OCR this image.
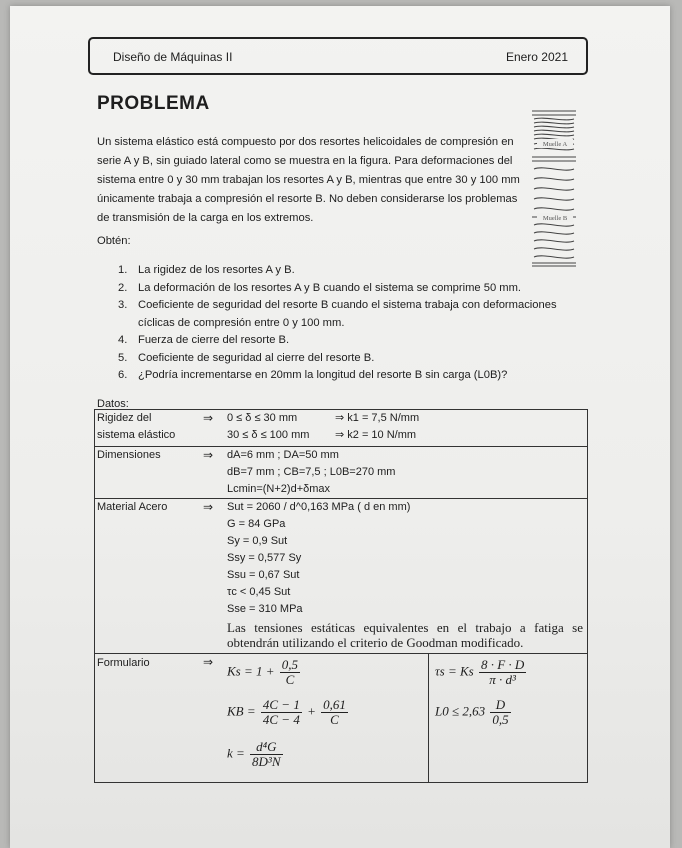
Diseño de Máquinas II	Enero 2021
PROBLEMA
Un sistema elástico está compuesto por dos resortes helicoidales de compresión en serie A y B, sin guiado lateral como se muestra en la figura. Para deformaciones del sistema entre 0 y 30 mm trabajan los resortes A y B, mientras que entre 30 y 100 mm únicamente trabaja a compresión el resorte B. No deben considerarse los problemas de transmisión de la carga en los extremos.
Muelle A
Muelle B
Obtén:
1. La rigidez de los resortes A y B.
2. La deformación de los resortes A y B cuando el sistema se comprime 50 mm.
3. Coeficiente de seguridad del resorte B cuando el sistema trabaja con deformaciones cíclicas de compresión entre 0 y 100 mm.
4. Fuerza de cierre del resorte B.
5. Coeficiente de seguridad al cierre del resorte B.
6. ¿Podría incrementarse en 20mm la longitud del resorte B sin carga (L0B)?
Datos:
Rigidez del	⇒ 0 ≤ δ ≤ 30 mm	⇒ k1 = 7,5 N/mm
sistema elástico	30 ≤ δ ≤ 100 mm ⇒ k2 = 10 N/mm

Dimensiones	⇒ dA=6 mm ; DA=50 mm
dB=7 mm ; CB=7,5 ; L0B=270 mm
Lcmin=(N+2)d+δmax

Material Acero	⇒ Sut = 2060 / d^0,163 MPa ( d en mm)
G = 84 GPa
Sy = 0,9 Sut
Ssy = 0,577 Sy
Ssu = 0,67 Sut
τc < 0,45 Sut
Sse = 310 MPa
Las tensiones estáticas equivalentes en el trabajo a fatiga se obtendrán utilizando el criterio de Goodman modificado.

Formulario	⇒
$Ks = 1 + \frac{0,5}{C}$	τs = Ks $\frac{8 \cdot F \cdot D}{\text{π · d³}}$
KB = $\frac{4C - 1}{4C - 4} + \frac{0,61}{C}$	$L0 \le 2,63 \frac{D}{0,5}$
$k = \frac{\text{d⁴G}}{\text{8D³N}}$
